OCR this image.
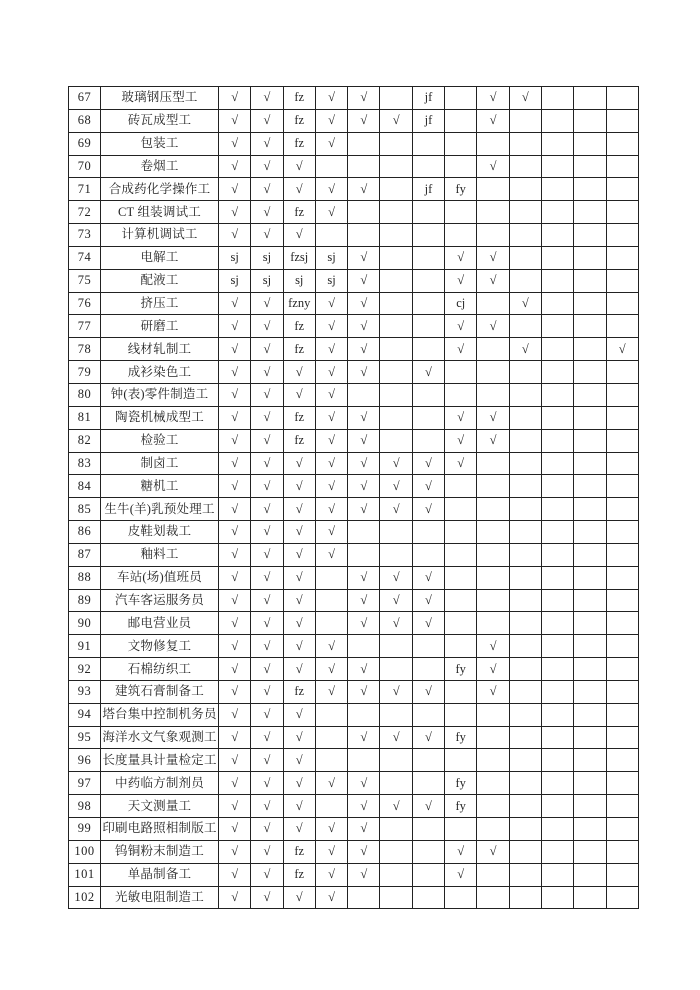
67	玻璃钢压型工	√	√	fz	√	√		jf		√	√			
68	砖瓦成型工	√	√	fz	√	√	√	jf		√				
69	包装工	√	√	fz	√									
70	卷烟工	√	√	√						√				
71	合成药化学操作工	√	√	√	√	√		jf	fy					
72	CT 组装调试工	√	√	fz	√									
73	计算机调试工	√	√	√										
74	电解工	sj	sj	fzsj	sj	√			√	√				
75	配液工	sj	sj	sj	sj	√			√	√				
76	挤压工	√	√	fzny	√	√			cj		√			
77	研磨工	√	√	fz	√	√			√	√				
78	线材轧制工	√	√	fz	√	√			√		√			√
79	成衫染色工	√	√	√	√	√		√						
80	钟(表)零件制造工	√	√	√	√									
81	陶瓷机械成型工	√	√	fz	√	√			√	√				
82	检验工	√	√	fz	√	√			√	√				
83	制卤工	√	√	√	√	√	√	√	√					
84	糖机工	√	√	√	√	√	√	√						
85	生牛(羊)乳预处理工	√	√	√	√	√	√	√						
86	皮鞋划裁工	√	√	√	√									
87	釉料工	√	√	√	√									
88	车站(场)值班员	√	√	√		√	√	√						
89	汽车客运服务员	√	√	√		√	√	√						
90	邮电营业员	√	√	√		√	√	√						
91	文物修复工	√	√	√	√					√				
92	石棉纺织工	√	√	√	√	√			fy	√				
93	建筑石膏制备工	√	√	fz	√	√	√	√		√				
94	塔台集中控制机务员	√	√	√										
95	海洋水文气象观测工	√	√	√		√	√	√	fy					
96	长度量具计量检定工	√	√	√										
97	中药临方制剂员	√	√	√	√	√			fy					
98	天文测量工	√	√	√		√	√	√	fy					
99	印刷电路照相制版工	√	√	√	√	√								
100	钨铜粉末制造工	√	√	fz	√	√			√	√				
101	单晶制备工	√	√	fz	√	√			√					
102	光敏电阻制造工	√	√	√	√									
